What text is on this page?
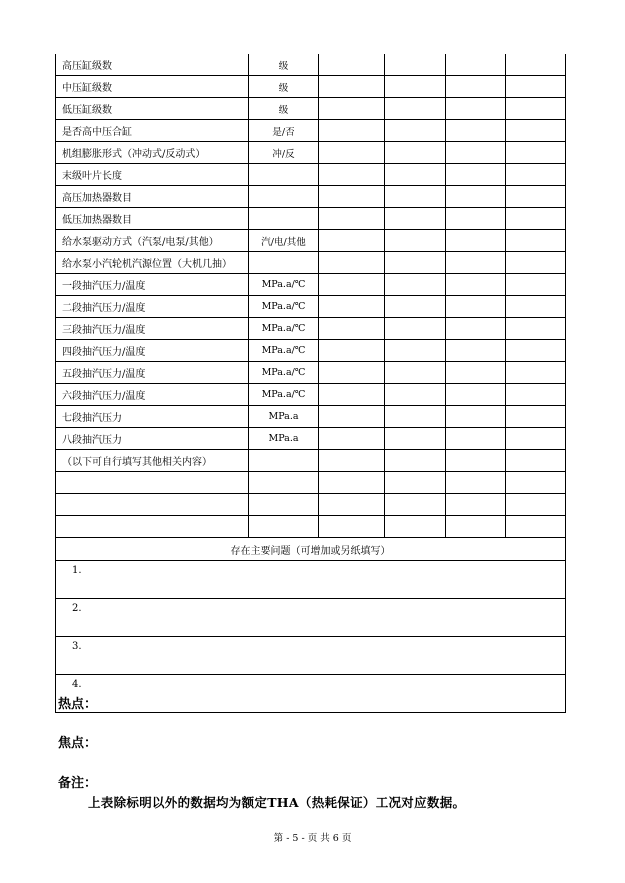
高压缸级数	级				
中压缸级数	级				
低压缸级数	级				
是否高中压合缸	是/否				
机组膨胀形式（冲动式/反动式）	冲/反				
末级叶片长度					
高压加热器数目					
低压加热器数目					
给水泵驱动方式（汽泵/电泵/其他）	汽/电/其他				
给水泵小汽轮机汽源位置（大机几抽）					
一段抽汽压力/温度	MPa.a/℃				
二段抽汽压力/温度	MPa.a/℃				
三段抽汽压力/温度	MPa.a/℃				
四段抽汽压力/温度	MPa.a/℃				
五段抽汽压力/温度	MPa.a/℃				
六段抽汽压力/温度	MPa.a/℃				
七段抽汽压力	MPa.a				
八段抽汽压力	MPa.a				
（以下可自行填写其他相关内容）					

存在主要问题（可增加或另纸填写）					
1.					
2.					
3.					
4.					
热点：
焦点：
备注：
上表除标明以外的数据均为额定THA（热耗保证）工况对应数据。
第 - 5 - 页 共 6 页
